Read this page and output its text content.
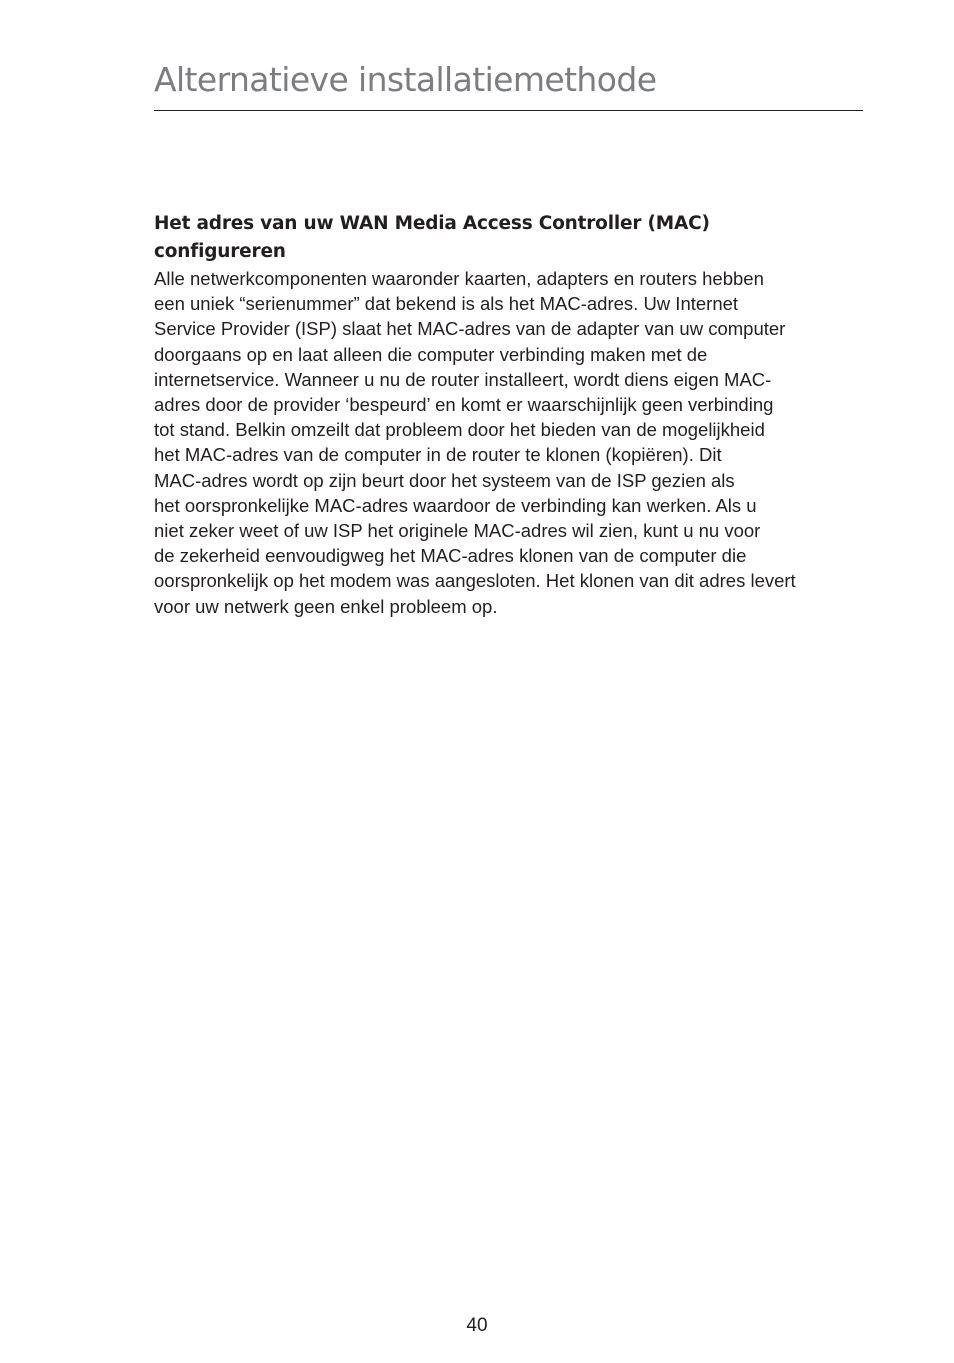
Alternatieve installatiemethode
Het adres van uw WAN Media Access Controller (MAC)
configureren

Alle netwerkcomponenten waaronder kaarten, adapters en routers hebben
een uniek “serienummer” dat bekend is als het MAC-adres. Uw Internet
Service Provider (ISP) slaat het MAC-adres van de adapter van uw computer
doorgaans op en laat alleen die computer verbinding maken met de
internetservice. Wanneer u nu de router installeert, wordt diens eigen MAC-
adres door de provider ‘bespeurd’ en komt er waarschijnlijk geen verbinding
tot stand. Belkin omzeilt dat probleem door het bieden van de mogelijkheid
het MAC-adres van de computer in de router te klonen (kopiëren). Dit
MAC-adres wordt op zijn beurt door het systeem van de ISP gezien als
het oorspronkelijke MAC-adres waardoor de verbinding kan werken. Als u
niet zeker weet of uw ISP het originele MAC-adres wil zien, kunt u nu voor
de zekerheid eenvoudigweg het MAC-adres klonen van de computer die
oorspronkelijk op het modem was aangesloten. Het klonen van dit adres levert
voor uw netwerk geen enkel probleem op.

40
